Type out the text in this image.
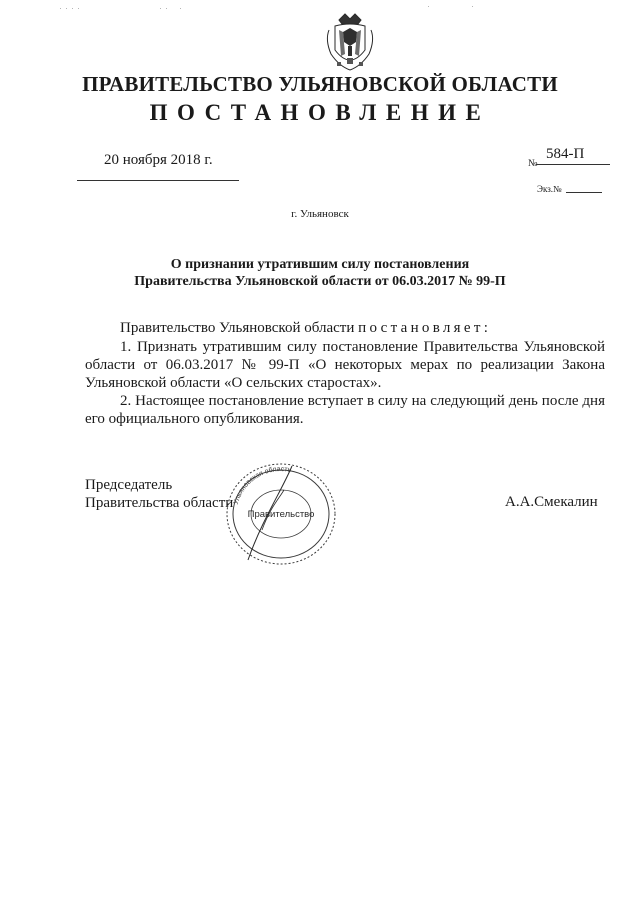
ПРАВИТЕЛЬСТВО УЛЬЯНОВСКОЙ ОБЛАСТИ
ПОСТАНОВЛЕНИЕ
20 ноября 2018 г.	№
584-П
Экз.№
г. Ульяновск
О признании утратившим силу постановления
Правительства Ульяновской области от 06.03.2017 № 99-П
Правительство Ульяновской области постановляет:
1. Признать утратившим силу постановление Правительства Ульяновской области от 06.03.2017 № 99-П «О некоторых мерах по реализации Закона Ульяновской области «О сельских старостах».
2. Настоящее постановление вступает в силу на следующий день после дня его официального опубликования.
Ульяновская область
Правительство
Председатель
Правительства области	А.А.Смекалин
